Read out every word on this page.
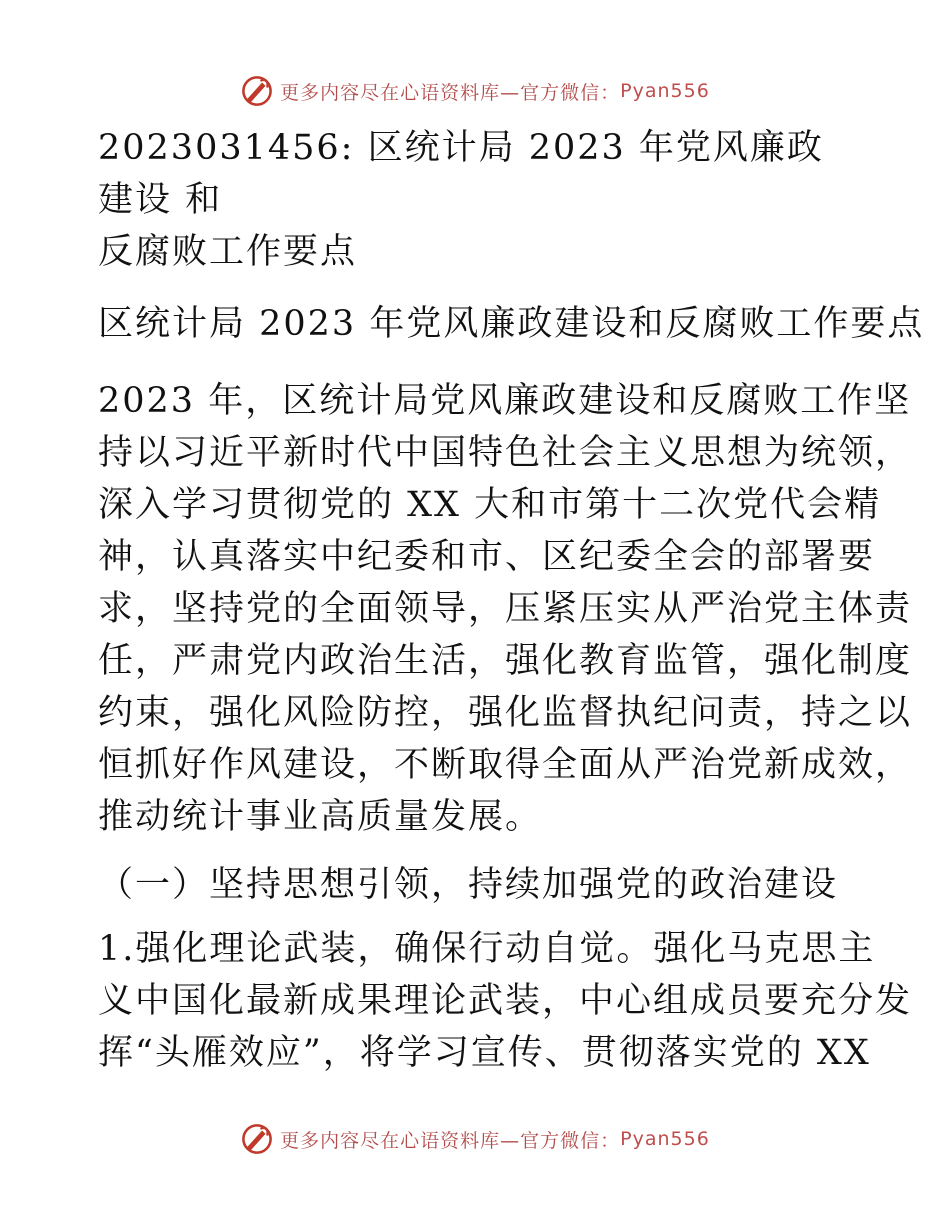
更多内容尽在心语资料库—官方微信： Pyan556

2023031456: 区统计局 2023 年党风廉政建设 和
反腐败工作要点

区统计局 2023 年党风廉政建设和反腐败工作要点

2023 年，区统计局党风廉政建设和反腐败工作坚

持以习近平新时代中国特色社会主义思想为统领，

深入学习贯彻党的 XX 大和市第十二次党代会精

神，认真落实中纪委和市、区纪委全会的部署要

求，坚持党的全面领导，压紧压实从严治党主体责

任，严肃党内政治生活，强化教育监管，强化制度

约束，强化风险防控，强化监督执纪问责，持之以

恒抓好作风建设，不断取得全面从严治党新成效，

推动统计事业高质量发展。

（一）坚持思想引领，持续加强党的政治建设

1.强化理论武装，确保行动自觉。强化马克思主

义中国化最新成果理论武装，中心组成员要充分发

挥“头雁效应”，将学习宣传、贯彻落实党的 XX

更多内容尽在心语资料库—官方微信： Pyan556
